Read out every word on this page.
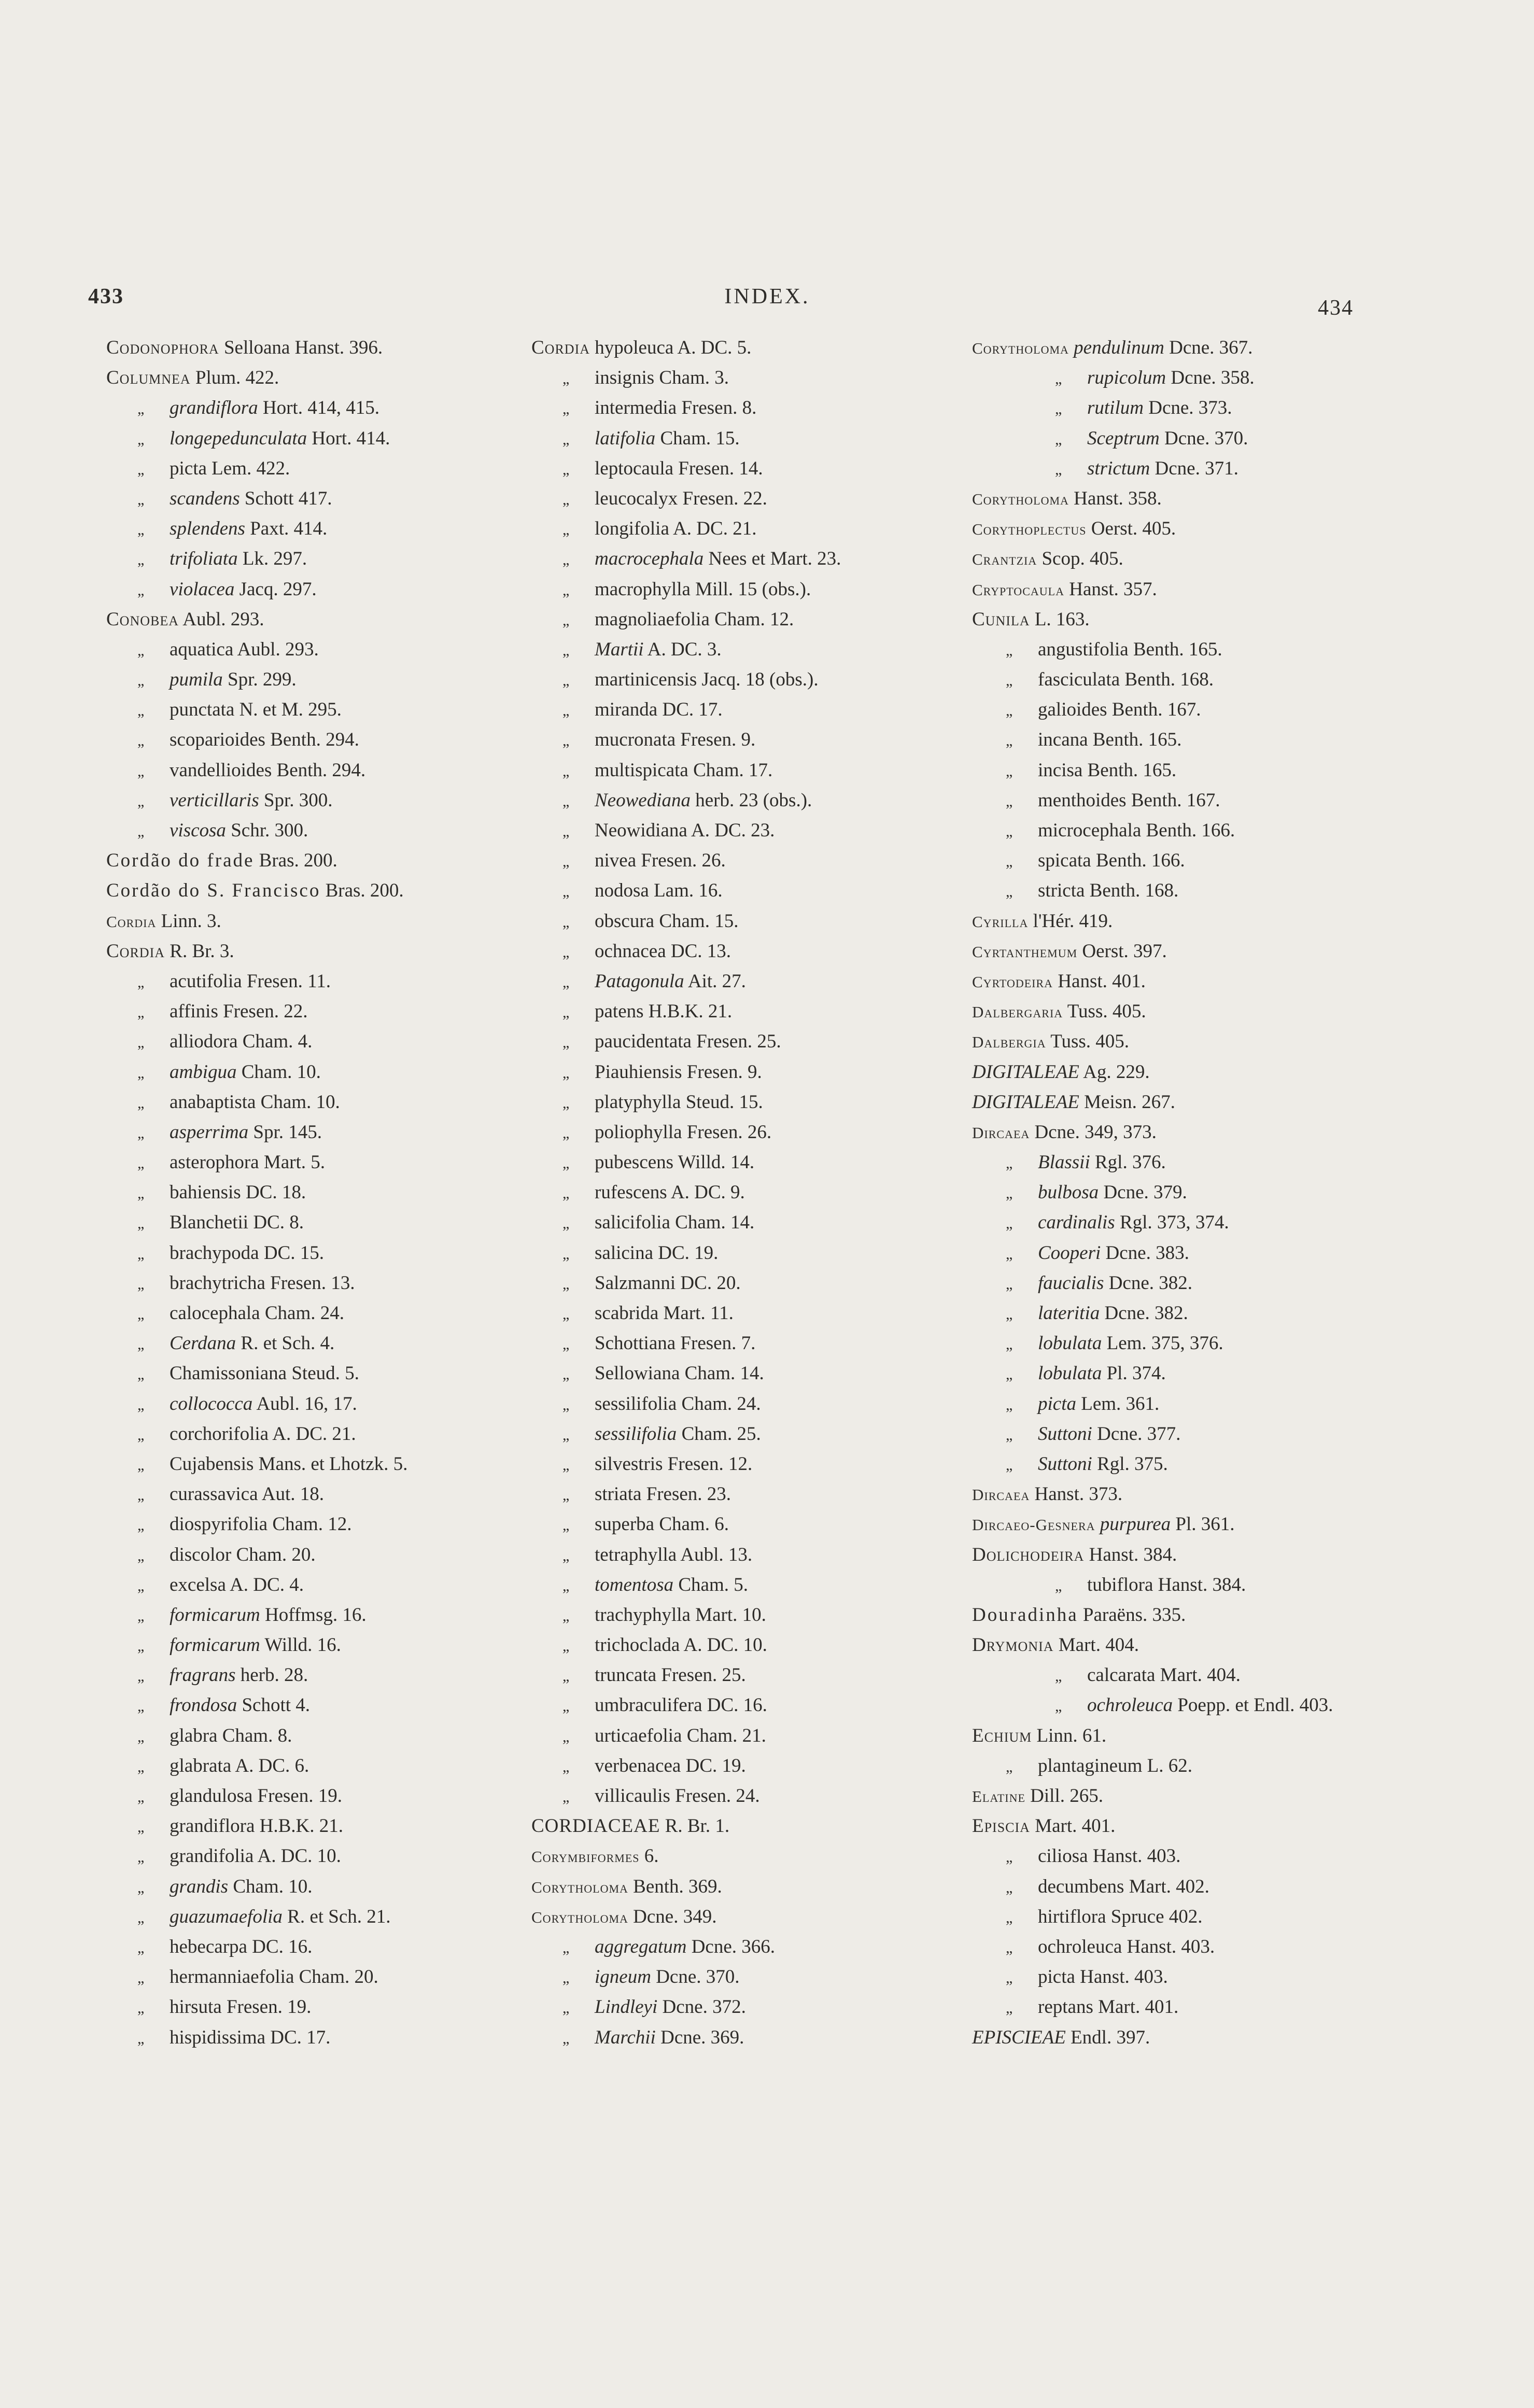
433	INDEX.	434
Codonophora Selloana Hanst. 396.
Columnea Plum. 422.
„ grandiflora Hort. 414, 415.
„ longepedunculata Hort. 414.
„ picta Lem. 422.
„ scandens Schott 417.
„ splendens Paxt. 414.
„ trifoliata Lk. 297.
„ violacea Jacq. 297.
Conobea Aubl. 293.
„ aquatica Aubl. 293.
„ pumila Spr. 299.
„ punctata N. et M. 295.
„ scoparioides Benth. 294.
„ vandellioides Benth. 294.
„ verticillaris Spr. 300.
„ viscosa Schr. 300.
Cordão do frade Bras. 200.
Cordão do S. Francisco Bras. 200.
Cordia Linn. 3.
Cordia R. Br. 3.
„ acutifolia Fresen. 11.
„ affinis Fresen. 22.
„ alliodora Cham. 4.
„ ambigua Cham. 10.
„ anabaptista Cham. 10.
„ asperrima Spr. 145.
„ asterophora Mart. 5.
„ bahiensis DC. 18.
„ Blanchetii DC. 8.
„ brachypoda DC. 15.
„ brachytricha Fresen. 13.
„ calocephala Cham. 24.
„ Cerdana R. et Sch. 4.
„ Chamissoniana Steud. 5.
„ collococca Aubl. 16, 17.
„ corchorifolia A. DC. 21.
„ Cujabensis Mans. et Lhotzk. 5.
„ curassavica Aut. 18.
„ diospyrifolia Cham. 12.
„ discolor Cham. 20.
„ excelsa A. DC. 4.
„ formicarum Hoffmsg. 16.
„ formicarum Willd. 16.
„ fragrans herb. 28.
„ frondosa Schott 4.
„ glabra Cham. 8.
„ glabrata A. DC. 6.
„ glandulosa Fresen. 19.
„ grandiflora H.B.K. 21.
„ grandifolia A. DC. 10.
„ grandis Cham. 10.
„ guazumaefolia R. et Sch. 21.
„ hebecarpa DC. 16.
„ hermanniaefolia Cham. 20.
„ hirsuta Fresen. 19.
„ hispidissima DC. 17.
Cordia hypoleuca A. DC. 5.
„ insignis Cham. 3.
„ intermedia Fresen. 8.
„ latifolia Cham. 15.
„ leptocaula Fresen. 14.
„ leucocalyx Fresen. 22.
„ longifolia A. DC. 21.
„ macrocephala Nees et Mart. 23.
„ macrophylla Mill. 15 (obs.).
„ magnoliaefolia Cham. 12.
„ Martii A. DC. 3.
„ martinicensis Jacq. 18 (obs.).
„ miranda DC. 17.
„ mucronata Fresen. 9.
„ multispicata Cham. 17.
„ Neowediana herb. 23 (obs.).
„ Neowidiana A. DC. 23.
„ nivea Fresen. 26.
„ nodosa Lam. 16.
„ obscura Cham. 15.
„ ochnacea DC. 13.
„ Patagonula Ait. 27.
„ patens H.B.K. 21.
„ paucidentata Fresen. 25.
„ Piauhiensis Fresen. 9.
„ platyphylla Steud. 15.
„ poliophylla Fresen. 26.
„ pubescens Willd. 14.
„ rufescens A. DC. 9.
„ salicifolia Cham. 14.
„ salicina DC. 19.
„ Salzmanni DC. 20.
„ scabrida Mart. 11.
„ Schottiana Fresen. 7.
„ Sellowiana Cham. 14.
„ sessilifolia Cham. 24.
„ sessilifolia Cham. 25.
„ silvestris Fresen. 12.
„ striata Fresen. 23.
„ superba Cham. 6.
„ tetraphylla Aubl. 13.
„ tomentosa Cham. 5.
„ trachyphylla Mart. 10.
„ trichoclada A. DC. 10.
„ truncata Fresen. 25.
„ umbraculifera DC. 16.
„ urticaefolia Cham. 21.
„ verbenacea DC. 19.
„ villicaulis Fresen. 24.
CORDIACEAE R. Br. 1.
Corymbiformes 6.
Corytholoma Benth. 369.
Corytholoma Dcne. 349.
„ aggregatum Dcne. 366.
„ igneum Dcne. 370.
„ Lindleyi Dcne. 372.
„ Marchii Dcne. 369.
Corytholoma pendulinum Dcne. 367.
„ rupicolum Dcne. 358.
„ rutilum Dcne. 373.
„ Sceptrum Dcne. 370.
„ strictum Dcne. 371.
Corytholoma Hanst. 358.
Corythoplectus Oerst. 405.
Crantzia Scop. 405.
Cryptocaula Hanst. 357.
Cunila L. 163.
„ angustifolia Benth. 165.
„ fasciculata Benth. 168.
„ galioides Benth. 167.
„ incana Benth. 165.
„ incisa Benth. 165.
„ menthoides Benth. 167.
„ microcephala Benth. 166.
„ spicata Benth. 166.
„ stricta Benth. 168.
Cyrilla l'Hér. 419.
Cyrtanthemum Oerst. 397.
Cyrtodeira Hanst. 401.
Dalbergaria Tuss. 405.
Dalbergia Tuss. 405.
DIGITALEAE Ag. 229.
DIGITALEAE Meisn. 267.
Dircaea Dcne. 349, 373.
„ Blassii Rgl. 376.
„ bulbosa Dcne. 379.
„ cardinalis Rgl. 373, 374.
„ Cooperi Dcne. 383.
„ faucialis Dcne. 382.
„ lateritia Dcne. 382.
„ lobulata Lem. 375, 376.
„ lobulata Pl. 374.
„ picta Lem. 361.
„ Suttoni Dcne. 377.
„ Suttoni Rgl. 375.
Dircaea Hanst. 373.
Dircaeo-Gesnera purpurea Pl. 361.
Dolichodeira Hanst. 384.
„ tubiflora Hanst. 384.
Douradinha Paraëns. 335.
Drymonia Mart. 404.
„ calcarata Mart. 404.
„ ochroleuca Poepp. et Endl. 403.
Echium Linn. 61.
„ plantagineum L. 62.
Elatine Dill. 265.
Episcia Mart. 401.
„ ciliosa Hanst. 403.
„ decumbens Mart. 402.
„ hirtiflora Spruce 402.
„ ochroleuca Hanst. 403.
„ picta Hanst. 403.
„ reptans Mart. 401.
EPISCIEAE Endl. 397.
